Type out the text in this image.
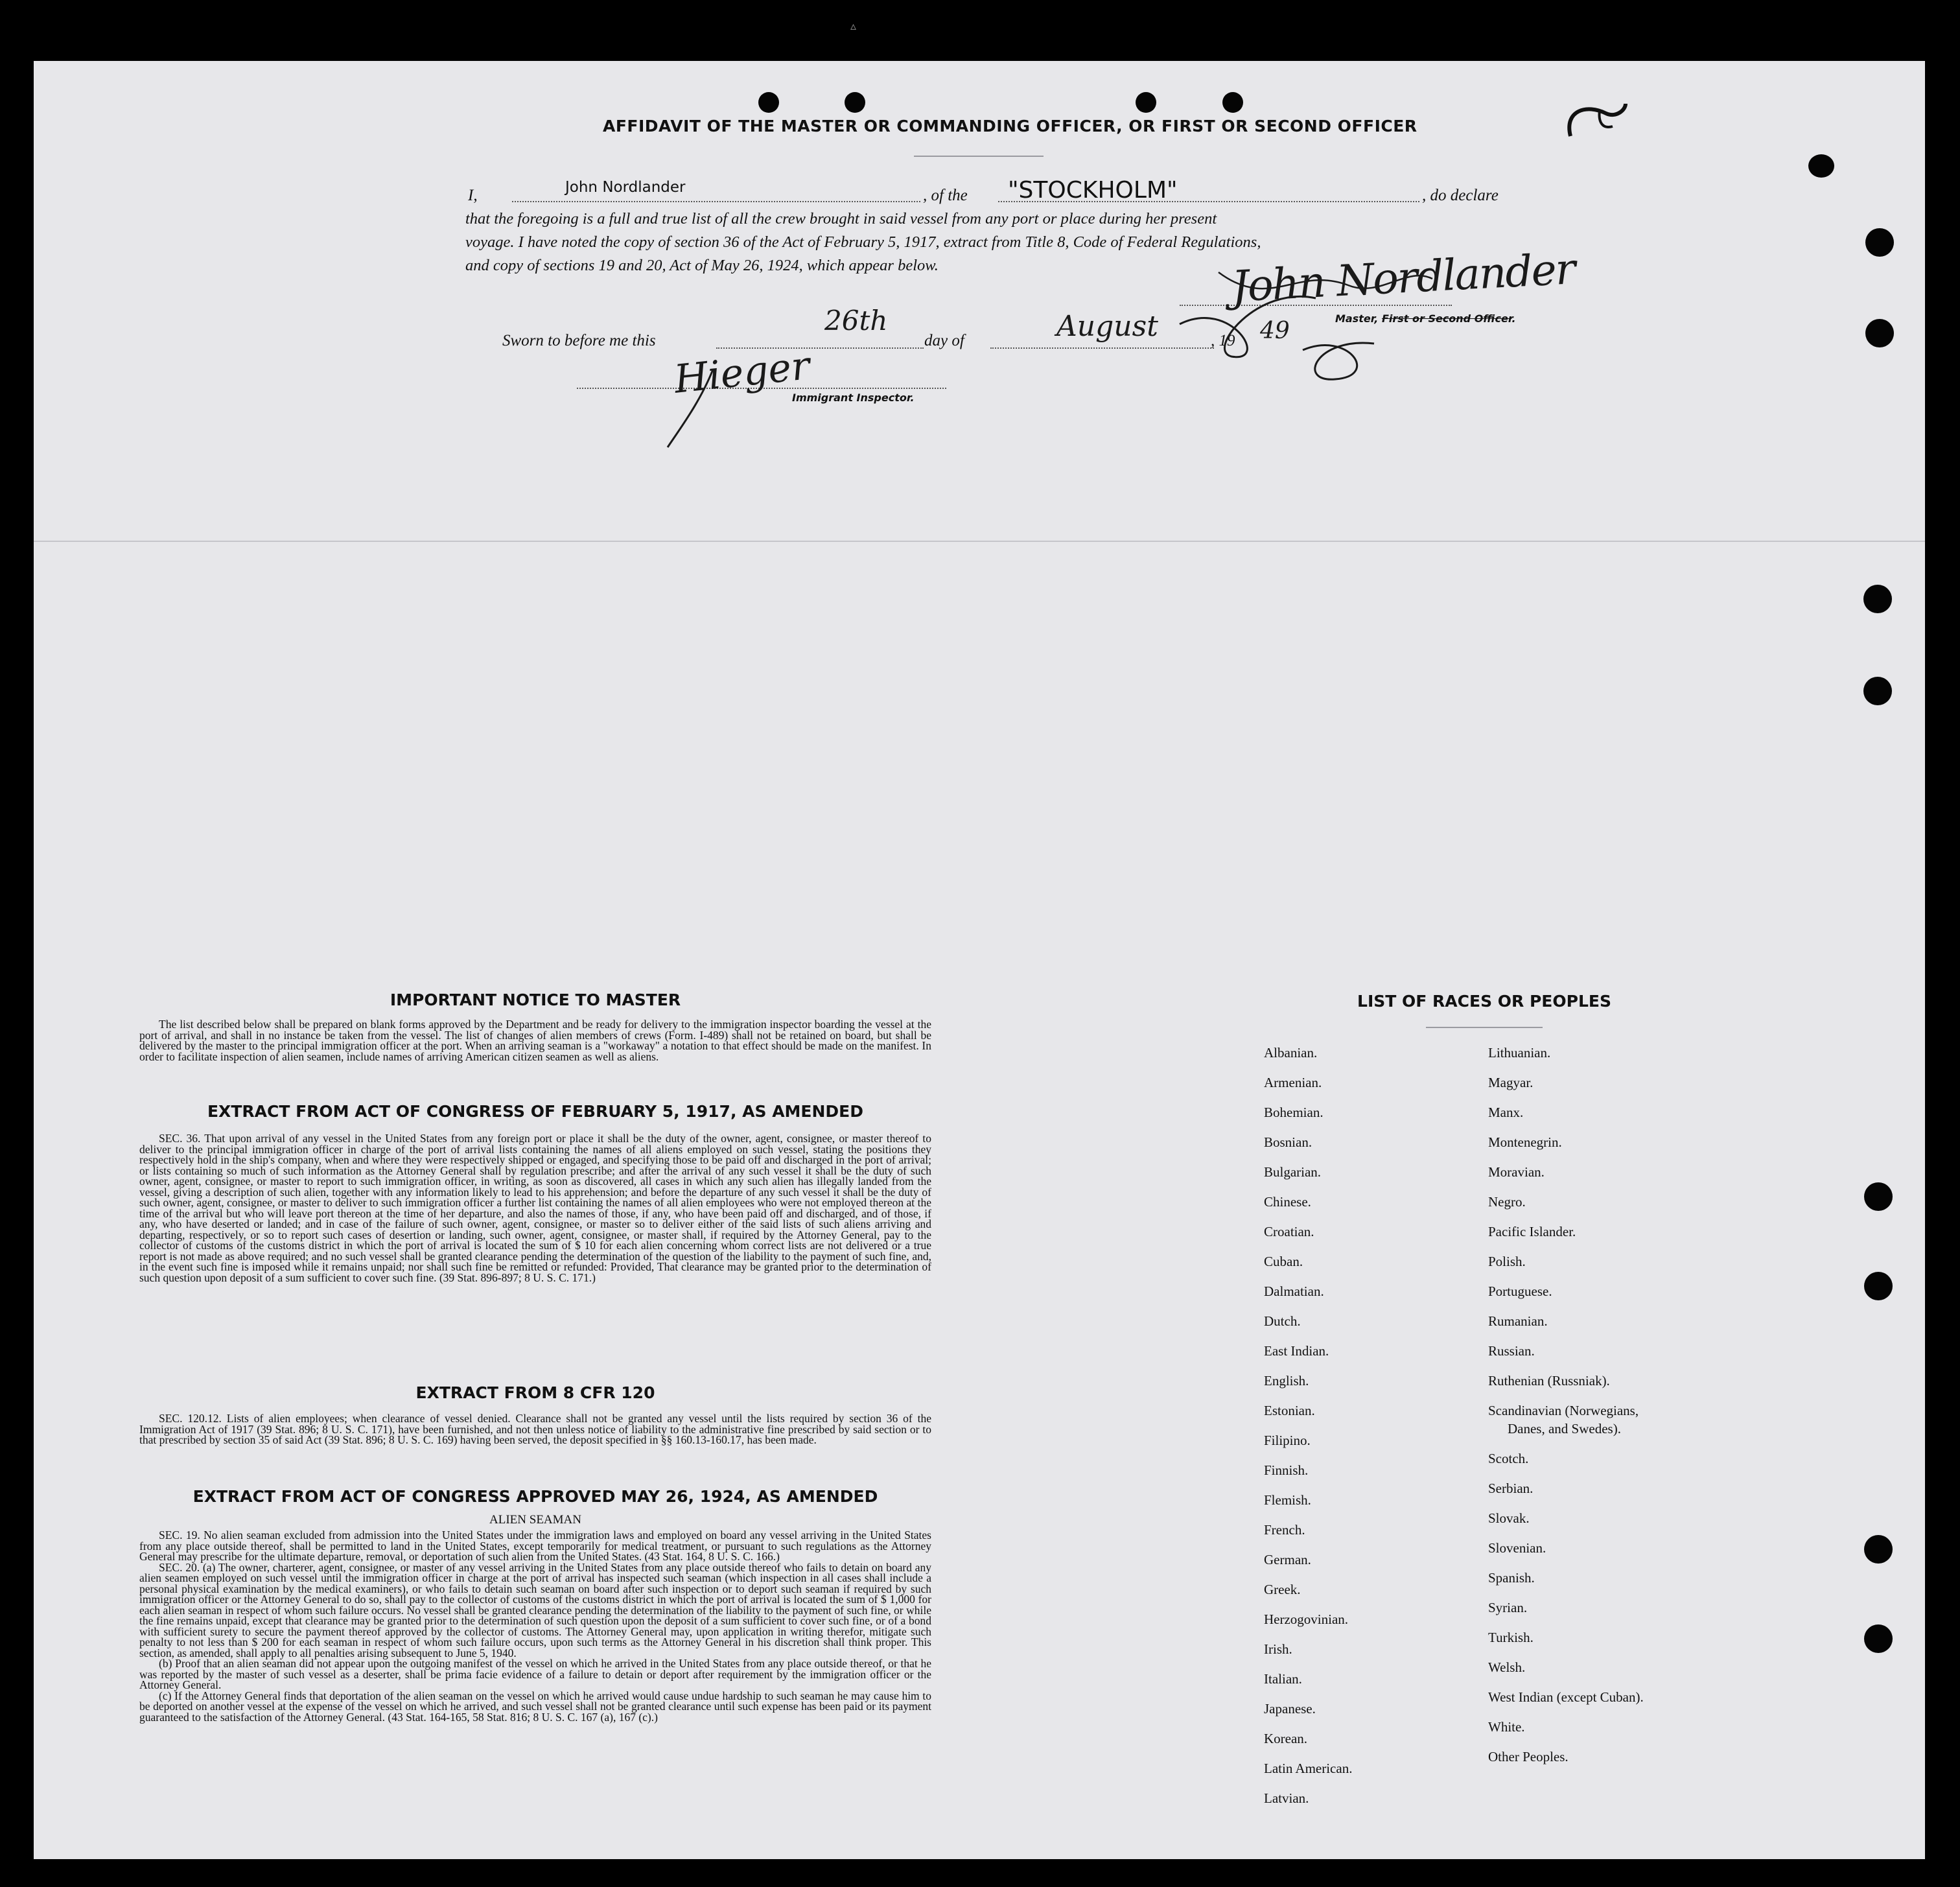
▵
AFFIDAVIT OF THE MASTER OR COMMANDING OFFICER, OR FIRST OR SECOND OFFICER
I,	John Nordlander	, of the "STOCKHOLM"	, do declare
that the foregoing is a full and true list of all the crew brought in said vessel from any port or place during her present
voyage. I have noted the copy of section 36 of the Act of February 5, 1917, extract from Title 8, Code of Federal Regulations,
and copy of sections 19 and 20, Act of May 26, 1924, which appear below.	John Nordlander
Master, First or Second Officer.
Sworn to before me this
26th
day of	August	, 19 49
Hieger
Immigrant Inspector.
IMPORTANT NOTICE TO MASTER

The list described below shall be prepared on blank forms approved by the Department and be ready for delivery to the immigration inspector boarding the vessel at the port of arrival, and shall in no instance be taken from the vessel. The list of changes of alien members of crews (Form. I-489) shall not be retained on board, but shall be delivered by the master to the principal immigration officer at the port. When an arriving seaman is a "workaway" a notation to that effect should be made on the manifest. In order to facilitate inspection of alien seamen, include names of arriving American citizen seamen as well as aliens.

EXTRACT FROM ACT OF CONGRESS OF FEBRUARY 5, 1917, AS AMENDED

SEC. 36. That upon arrival of any vessel in the United States from any foreign port or place it shall be the duty of the owner, agent, consignee, or master thereof to deliver to the principal immigration officer in charge of the port of arrival lists containing the names of all aliens employed on such vessel, stating the positions they respectively hold in the ship's company, when and where they were respectively shipped or engaged, and specifying those to be paid off and discharged in the port of arrival; or lists containing so much of such information as the Attorney General shall by regulation prescribe; and after the arrival of any such vessel it shall be the duty of such owner, agent, consignee, or master to report to such immigration officer, in writing, as soon as discovered, all cases in which any such alien has illegally landed from the vessel, giving a description of such alien, together with any information likely to lead to his apprehension; and before the departure of any such vessel it shall be the duty of such owner, agent, consignee, or master to deliver to such immigration officer a further list containing the names of all alien employees who were not employed thereon at the time of the arrival but who will leave port thereon at the time of her departure, and also the names of those, if any, who have been paid off and discharged, and of those, if any, who have deserted or landed; and in case of the failure of such owner, agent, consignee, or master so to deliver either of the said lists of such aliens arriving and departing, respectively, or so to report such cases of desertion or landing, such owner, agent, consignee, or master shall, if required by the Attorney General, pay to the collector of customs of the customs district in which the port of arrival is located the sum of $ 10 for each alien concerning whom correct lists are not delivered or a true report is not made as above required; and no such vessel shall be granted clearance pending the determination of the question of the liability to the payment of such fine, and, in the event such fine is imposed while it remains unpaid; nor shall such fine be remitted or refunded: Provided, That clearance may be granted prior to the determination of such question upon deposit of a sum sufficient to cover such fine. (39 Stat. 896-897; 8 U. S. C. 171.)

EXTRACT FROM 8 CFR 120

SEC. 120.12. Lists of alien employees; when clearance of vessel denied. Clearance shall not be granted any vessel until the lists required by section 36 of the Immigration Act of 1917 (39 Stat. 896; 8 U. S. C. 171), have been furnished, and not then unless notice of liability to the administrative fine prescribed by said section or to that prescribed by section 35 of said Act (39 Stat. 896; 8 U. S. C. 169) having been served, the deposit specified in §§ 160.13-160.17, has been made.

EXTRACT FROM ACT OF CONGRESS APPROVED MAY 26, 1924, AS AMENDED
ALIEN SEAMAN

SEC. 19. No alien seaman excluded from admission into the United States under the immigration laws and employed on board any vessel arriving in the United States from any place outside thereof, shall be permitted to land in the United States, except temporarily for medical treatment, or pursuant to such regulations as the Attorney General may prescribe for the ultimate departure, removal, or deportation of such alien from the United States. (43 Stat. 164, 8 U. S. C. 166.)

SEC. 20. (a) The owner, charterer, agent, consignee, or master of any vessel arriving in the United States from any place outside thereof who fails to detain on board any alien seamen employed on such vessel until the immigration officer in charge at the port of arrival has inspected such seaman (which inspection in all cases shall include a personal physical examination by the medical examiners), or who fails to detain such seaman on board after such inspection or to deport such seaman if required by such immigration officer or the Attorney General to do so, shall pay to the collector of customs of the customs district in which the port of arrival is located the sum of $ 1,000 for each alien seaman in respect of whom such failure occurs. No vessel shall be granted clearance pending the determination of the liability to the payment of such fine, or while the fine remains unpaid, except that clearance may be granted prior to the determination of such question upon the deposit of a sum sufficient to cover such fine, or of a bond with sufficient surety to secure the payment thereof approved by the collector of customs. The Attorney General may, upon application in writing therefor, mitigate such penalty to not less than $ 200 for each seaman in respect of whom such failure occurs, upon such terms as the Attorney General in his discretion shall think proper. This section, as amended, shall apply to all penalties arising subsequent to June 5, 1940.

(b) Proof that an alien seaman did not appear upon the outgoing manifest of the vessel on which he arrived in the United States from any place outside thereof, or that he was reported by the master of such vessel as a deserter, shall be prima facie evidence of a failure to detain or deport after requirement by the immigration officer or the Attorney General.

(c) If the Attorney General finds that deportation of the alien seaman on the vessel on which he arrived would cause undue hardship to such seaman he may cause him to be deported on another vessel at the expense of the vessel on which he arrived, and such vessel shall not be granted clearance until such expense has been paid or its payment guaranteed to the satisfaction of the Attorney General. (43 Stat. 164-165, 58 Stat. 816; 8 U. S. C. 167 (a), 167 (c).)

LIST OF RACES OR PEOPLES
Albanian.
Armenian.
Bohemian.
Bosnian.
Bulgarian.
Chinese.
Croatian.
Cuban.
Dalmatian.
Dutch.
East Indian.
English.
Estonian.
Filipino.
Finnish.
Flemish.
French.
German.
Greek.
Herzogovinian.
Irish.
Italian.
Japanese.
Korean.
Latin American.
Latvian.
Lithuanian.
Magyar.
Manx.
Montenegrin.
Moravian.
Negro.
Pacific Islander.
Polish.
Portuguese.
Rumanian.
Russian.
Ruthenian (Russniak).
Scandinavian (Norwegians,
Danes, and Swedes).
Scotch.
Serbian.
Slovak.
Slovenian.
Spanish.
Syrian.
Turkish.
Welsh.
West Indian (except Cuban).
White.
Other Peoples.
